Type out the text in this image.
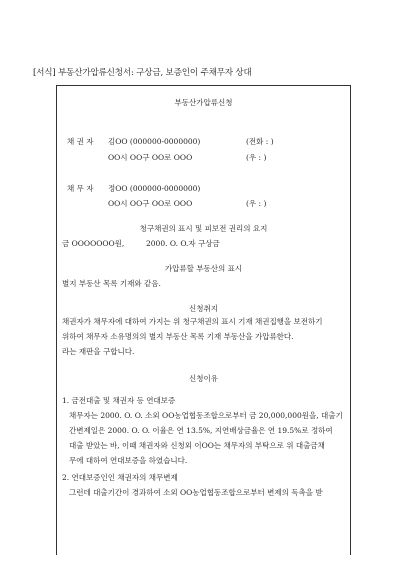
[서식] 부동산가압류신청서: 구상금, 보증인이 주채무자 상대
부동산가압류신청
채 권 자 김OO (000000-0000000)	(전화 : )
OO시 OO구 OO로 OOO	(우 : )
채 무 자 정OO (000000-0000000)
OO시 OO구 OO로 OOO	(우 : )
청구채권의 표시 및 피보전 권리의 요지
금 OOOOOOO원,	2000. O. O.자 구상금
가압류할 부동산의 표시
별지 부동산 목록 기재와 같음.
신청취지
채권자가 채무자에 대하여 가지는 위 청구채권의 표시 기재 채권집행을 보전하기
위하여 채무자 소유명의의 별지 부동산 목록 기재 부동산을 가압류한다.
라는 재판을 구합니다.
신청이유
1. 금전대출 및 채권자 등 연대보증
채무자는 2000. O. O. 소외 OO농업협동조합으로부터 금 20,000,000원을, 대출기
간변제일은 2000. O. O. 이율은 연 13.5%, 지연배상금율은 연 19.5%로 정하여
대출 받았는 바, 이때 채권자와 신청외 이OO는 채무자의 부탁으로 위 대출금채
무에 대하여 연대보증을 하였습니다.
2. 연대보증인인 채권자의 채무변제
그런데 대출기간이 경과하여 소외 OO농업협동조합으로부터 변제의 독촉을 받
